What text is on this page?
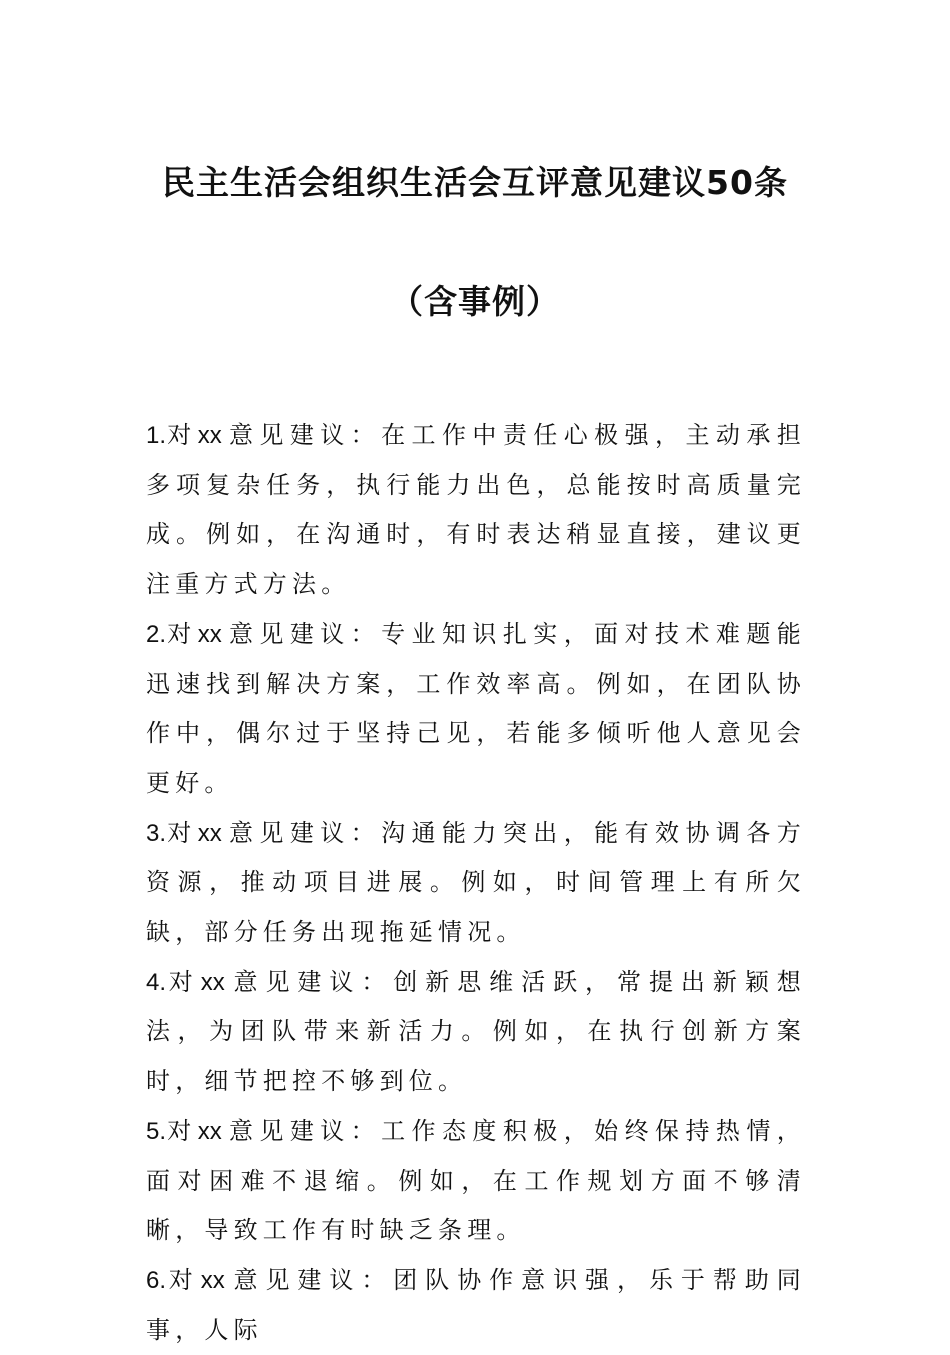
民主生活会组织生活会互评意见建议50条
（含事例）

1.对xx 意见建议：在工作中责任心极强，主动承担多项复杂任务，执行能力出色，总能按时高质量完成。例如，在沟通时，有时表达稍显直接，建议更注重方式方法。

2.对xx 意见建议：专业知识扎实，面对技术难题能迅速找到解决方案，工作效率高。例如，在团队协作中，偶尔过于坚持己见，若能多倾听他人意见会更好。

3.对xx 意见建议：沟通能力突出，能有效协调各方资源，推动项目进展。例如，时间管理上有所欠缺，部分任务出现拖延情况。

4.对xx 意见建议：创新思维活跃，常提出新颖想法，为团队带来新活力。例如，在执行创新方案时，细节把控不够到位。

5.对xx 意见建议：工作态度积极，始终保持热情，面对困难不退缩。例如，在工作规划方面不够清晰，导致工作有时缺乏条理。

6.对xx 意见建议：团队协作意识强，乐于帮助同事，人际
